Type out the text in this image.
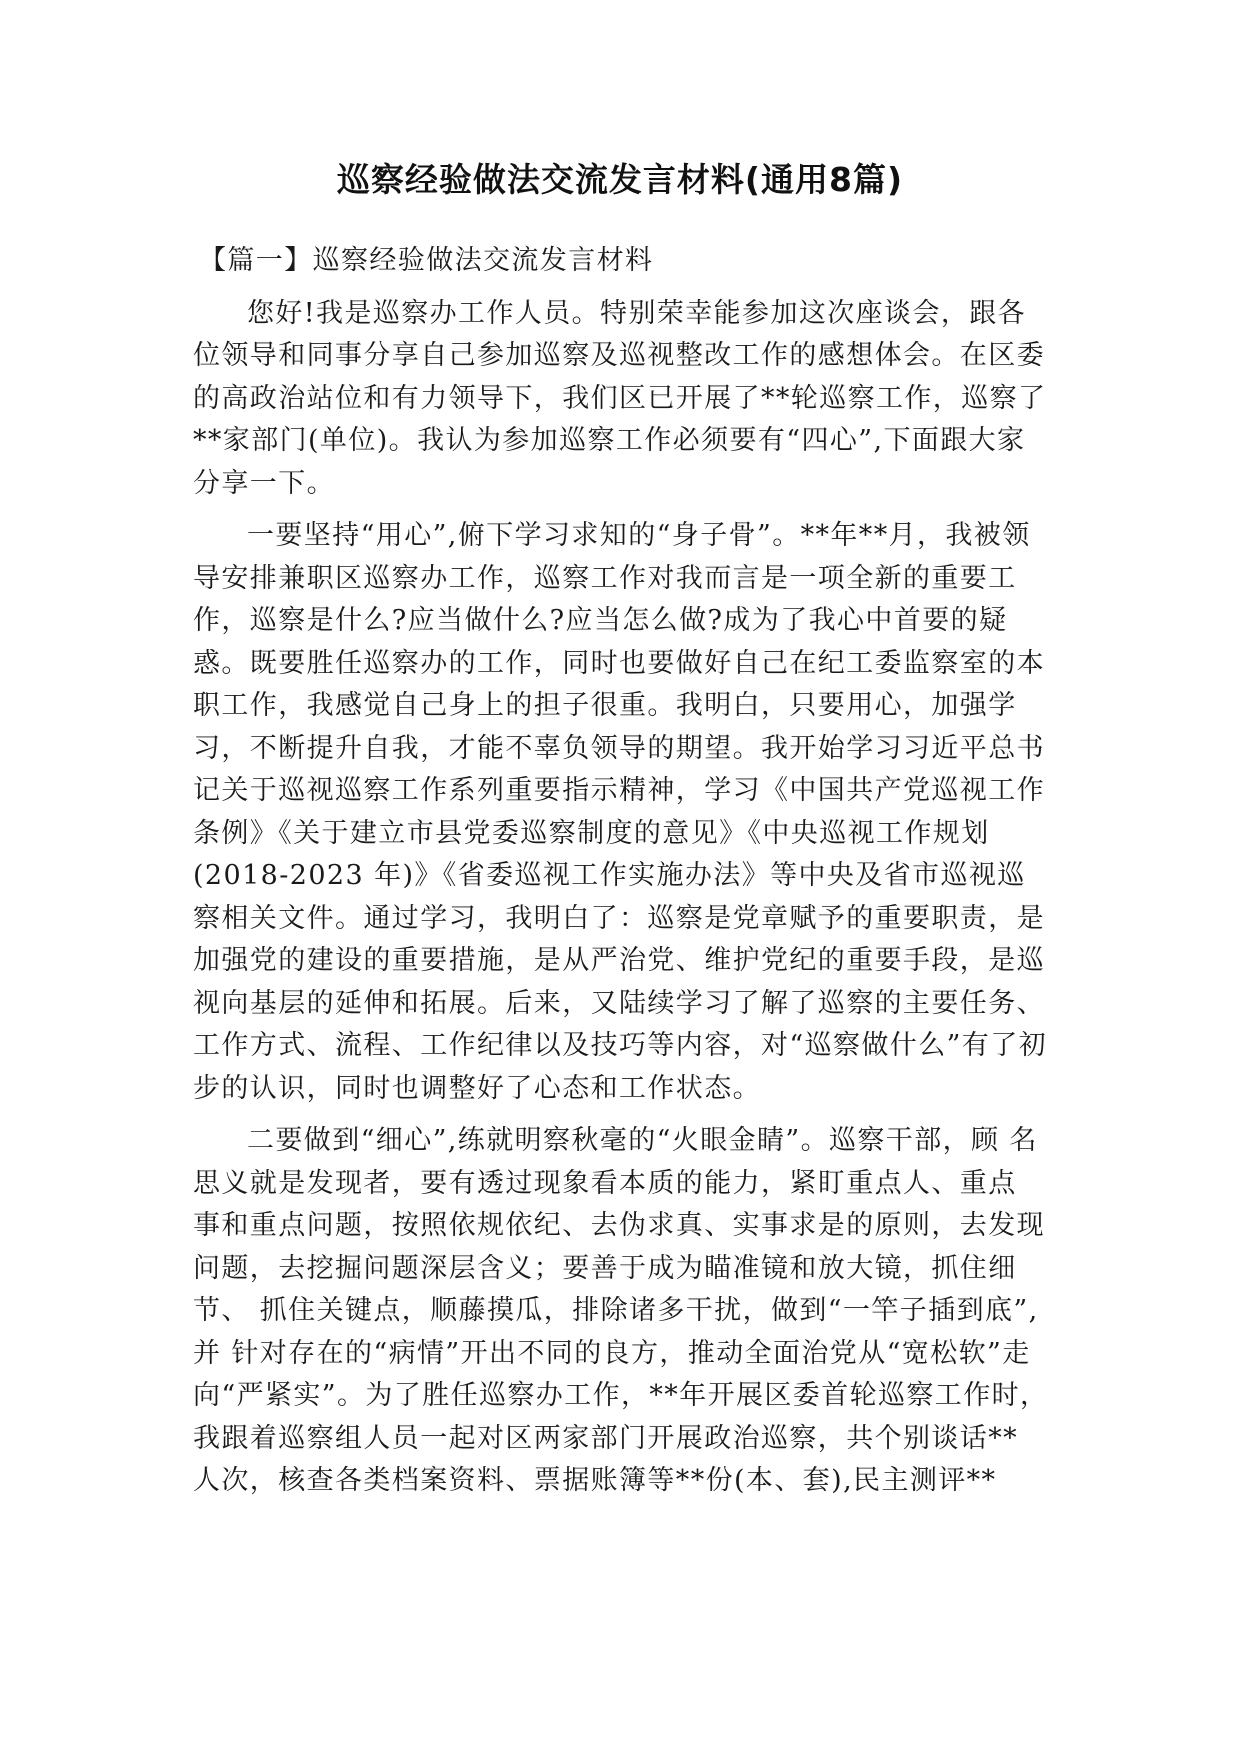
巡察经验做法交流发言材料(通用8篇)

【篇一】巡察经验做法交流发言材料

您好!我是巡察办工作人员。特别荣幸能参加这次座谈会，跟各位领导和同事分享自己参加巡察及巡视整改工作的感想体会。在区委的高政治站位和有力领导下，我们区已开展了**轮巡察工作，巡察了**家部门(单位)。我认为参加巡察工作必须要有“四心”,下面跟大家分享一下。

一要坚持“用心”,俯下学习求知的“身子骨”。**年**月，我被领导安排兼职区巡察办工作，巡察工作对我而言是一项全新的重要工作，巡察是什么?应当做什么?应当怎么做?成为了我心中首要的疑惑。既要胜任巡察办的工作，同时也要做好自己在纪工委监察室的本职工作，我感觉自己身上的担子很重。我明白，只要用心，加强学习，不断提升自我，才能不辜负领导的期望。我开始学习习近平总书记关于巡视巡察工作系列重要指示精神，学习《中国共产党巡视工作条例》《关于建立市县党委巡察制度的意见》《中央巡视工作规划(2018-2023 年)》《省委巡视工作实施办法》等中央及省市巡视巡察相关文件。通过学习，我明白了：巡察是党章赋予的重要职责，是加强党的建设的重要措施，是从严治党、维护党纪的重要手段，是巡视向基层的延伸和拓展。后来，又陆续学习了解了巡察的主要任务、工作方式、流程、工作纪律以及技巧等内容，对“巡察做什么”有了初步的认识，同时也调整好了心态和工作状态。

二要做到“细心”,练就明察秋毫的“火眼金睛”。巡察干部，顾 名思义就是发现者，要有透过现象看本质的能力，紧盯重点人、重点 事和重点问题，按照依规依纪、去伪求真、实事求是的原则，去发现 问题，去挖掘问题深层含义；要善于成为瞄准镜和放大镜，抓住细节、 抓住关键点，顺藤摸瓜，排除诸多干扰，做到“一竿子插到底”,并 针对存在的“病情”开出不同的良方，推动全面治党从“宽松软”走 向“严紧实”。为了胜任巡察办工作，**年开展区委首轮巡察工作时， 我跟着巡察组人员一起对区两家部门开展政治巡察，共个别谈话**

人次，核查各类档案资料、票据账簿等**份(本、套),民主测评**
